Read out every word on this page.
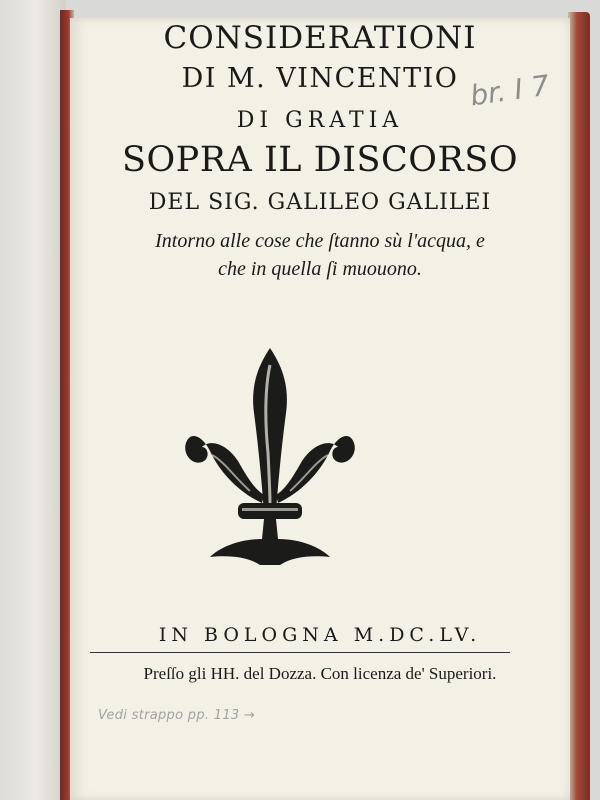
CONSIDERATIONI
DI M. VINCENTIO
DI GRATIA
SOPRA IL DISCORSO
DEL SIG. GALILEO GALILEI
Intorno alle cose che ſtanno sù l'acqua, e
che in quella ſi muouono.
br. I 7
IN BOLOGNA M.DC.LV.
Preſſo gli HH. del Dozza. Con licenza de' Superiori.
Vedi strappo pp. 113 →
